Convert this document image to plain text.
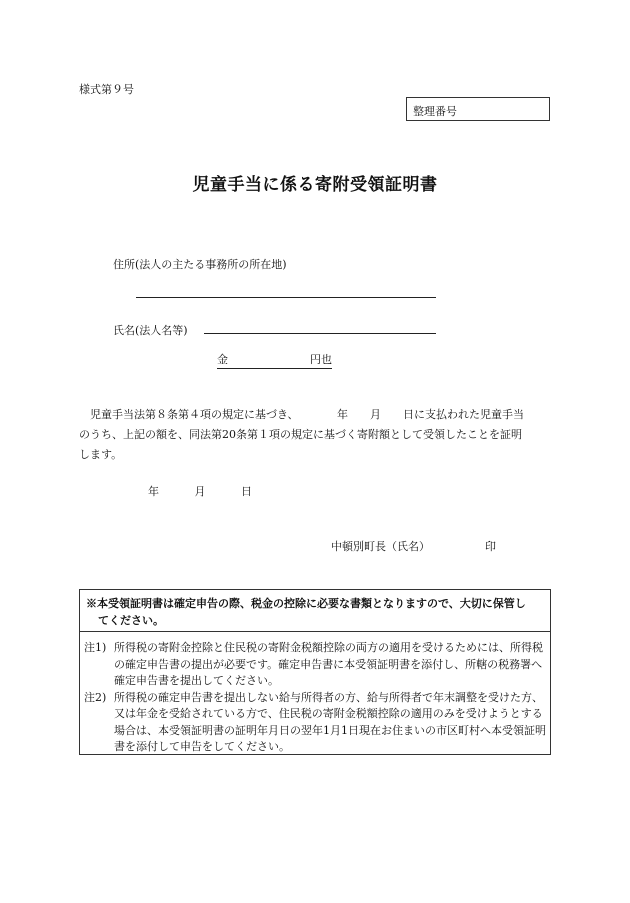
様式第９号
整理番号
児童手当に係る寄附受領証明書
住所(法人の主たる事務所の所在地)
氏名(法人名等)
金	円也
　児童手当法第８条第４項の規定に基づき、　　　　年　　月　　日に支払われた児童手当
のうち、上記の額を、同法第20条第１項の規定に基づく寄附額として受領したことを証明
します。
年	月	日
中頓別町長（氏名）	印
※本受領証明書は確定申告の際、税金の控除に必要な書類となりますので、大切に保管し
てください。
注1) 所得税の寄附金控除と住民税の寄附金税額控除の両方の適用を受けるためには、所得税の確定申告書の提出が必要です。確定申告書に本受領証明書を添付し、所轄の税務署へ確定申告書を提出してください。
注2) 所得税の確定申告書を提出しない給与所得者の方、給与所得者で年末調整を受けた方、又は年金を受給されている方で、住民税の寄附金税額控除の適用のみを受けようとする場合は、本受領証明書の証明年月日の翌年1月1日現在お住まいの市区町村へ本受領証明書を添付して申告をしてください。
